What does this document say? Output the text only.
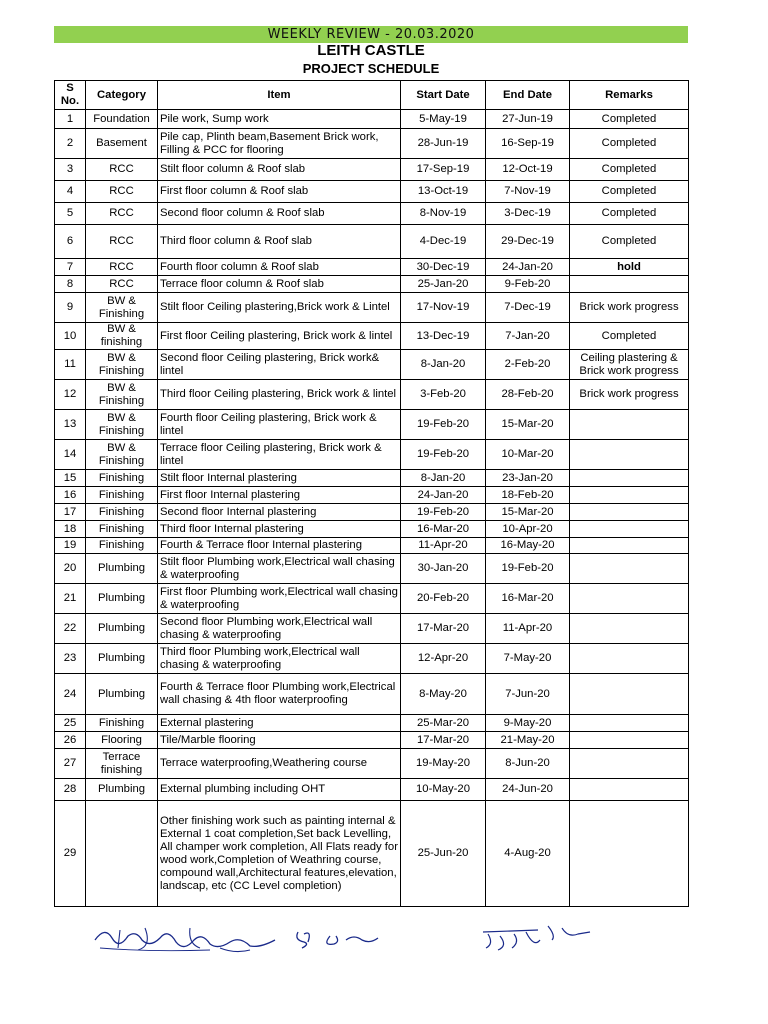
WEEKLY REVIEW - 20.03.2020
LEITH CASTLE
PROJECT SCHEDULE
S No.	Category	Item	Start Date	End Date	Remarks
1	Foundation	Pile work, Sump work	5-May-19	27-Jun-19	Completed
2	Basement	Pile cap, Plinth beam,Basement Brick work, Filling & PCC for flooring	28-Jun-19	16-Sep-19	Completed
3	RCC	Stilt floor column & Roof slab	17-Sep-19	12-Oct-19	Completed
4	RCC	First floor column & Roof slab	13-Oct-19	7-Nov-19	Completed
5	RCC	Second floor column & Roof slab	8-Nov-19	3-Dec-19	Completed
6	RCC	Third floor column & Roof slab	4-Dec-19	29-Dec-19	Completed
7	RCC	Fourth floor column & Roof slab	30-Dec-19	24-Jan-20	hold
8	RCC	Terrace floor column & Roof slab	25-Jan-20	9-Feb-20	
9	BW & Finishing	Stilt floor Ceiling plastering,Brick work & Lintel	17-Nov-19	7-Dec-19	Brick work progress
10	BW & finishing	First floor Ceiling plastering, Brick work & lintel	13-Dec-19	7-Jan-20	Completed
11	BW & Finishing	Second floor Ceiling plastering, Brick work& lintel	8-Jan-20	2-Feb-20	Ceiling plastering & Brick work progress
12	BW & Finishing	Third floor Ceiling plastering, Brick work & lintel	3-Feb-20	28-Feb-20	Brick work progress
13	BW & Finishing	Fourth floor Ceiling plastering, Brick work & lintel	19-Feb-20	15-Mar-20	
14	BW & Finishing	Terrace floor Ceiling plastering, Brick work & lintel	19-Feb-20	10-Mar-20	
15	Finishing	Stilt floor Internal plastering	8-Jan-20	23-Jan-20	
16	Finishing	First floor Internal plastering	24-Jan-20	18-Feb-20	
17	Finishing	Second floor Internal plastering	19-Feb-20	15-Mar-20	
18	Finishing	Third floor Internal plastering	16-Mar-20	10-Apr-20	
19	Finishing	Fourth & Terrace floor Internal plastering	11-Apr-20	16-May-20	
20	Plumbing	Stilt floor Plumbing work,Electrical wall chasing & waterproofing	30-Jan-20	19-Feb-20	
21	Plumbing	First floor Plumbing work,Electrical wall chasing & waterproofing	20-Feb-20	16-Mar-20	
22	Plumbing	Second floor Plumbing work,Electrical wall chasing & waterproofing	17-Mar-20	11-Apr-20	
23	Plumbing	Third floor Plumbing work,Electrical wall chasing & waterproofing	12-Apr-20	7-May-20	
24	Plumbing	Fourth & Terrace floor Plumbing work,Electrical wall chasing & 4th floor waterproofing	8-May-20	7-Jun-20	
25	Finishing	External plastering	25-Mar-20	9-May-20	
26	Flooring	Tile/Marble flooring	17-Mar-20	21-May-20	
27	Terrace finishing	Terrace waterproofing,Weathering course	19-May-20	8-Jun-20	
28	Plumbing	External plumbing including OHT	10-May-20	24-Jun-20	
29		Other finishing work such as painting internal & External 1 coat completion,Set back Levelling, All champer work completion, All Flats ready for wood work,Completion of Weathring course, compound wall,Architectural features,elevation, landscap, etc (CC Level completion)	25-Jun-20	4-Aug-20	
